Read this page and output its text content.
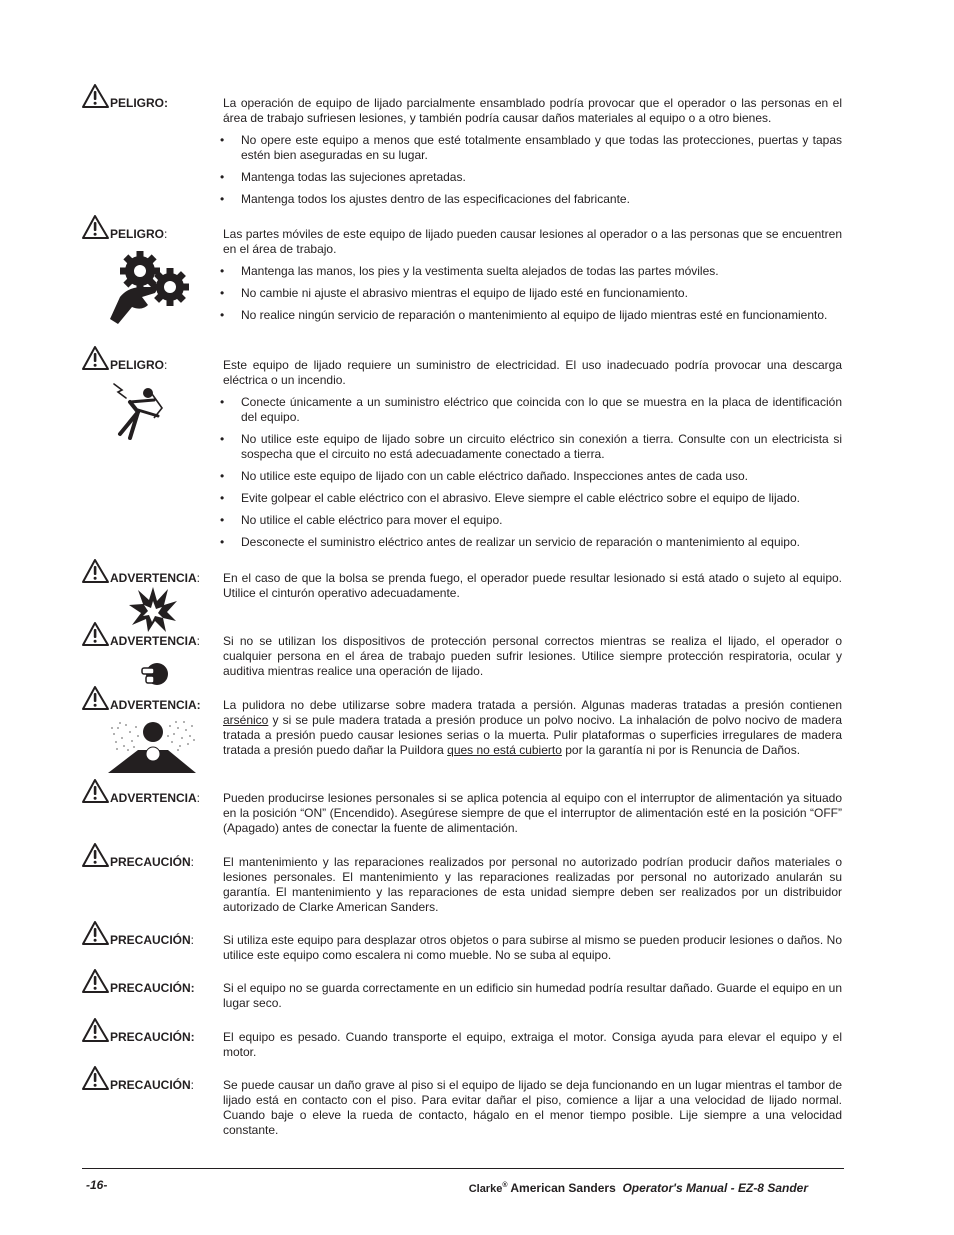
PELIGRO:	La operación de equipo de lijado parcialmente ensamblado podría provocar que el operador o las personas en el área de trabajo sufriesen lesiones, y también podría causar daños materiales al equipo o a otro bienes.

• No opere este equipo a menos que esté totalmente ensamblado y que todas las protecciones, puertas y tapas estén bien aseguradas en su lugar.
• Mantenga todas las sujeciones apretadas.
• Mantenga todos los ajustes dentro de las especificaciones del fabricante.
PELIGRO:	Las partes móviles de este equipo de lijado pueden causar lesiones al operador o a las personas que se encuentren en el área de trabajo.

• Mantenga las manos, los pies y la vestimenta suelta alejados de todas las partes móviles.
• No cambie ni ajuste el abrasivo mientras el equipo de lijado esté en funcionamiento.
• No realice ningún servicio de reparación o mantenimiento al equipo de lijado mientras esté en funcionamiento.
PELIGRO:	Este equipo de lijado requiere un suministro de electricidad. El uso inadecuado podría provocar una descarga eléctrica o un incendio.

• Conecte únicamente a un suministro eléctrico que coincida con lo que se muestra en la placa de identificación del equipo.
• No utilice este equipo de lijado sobre un circuito eléctrico sin conexión a tierra. Consulte con un electricista si sospecha que el circuito no está adecuadamente conectado a tierra.
• No utilice este equipo de lijado con un cable eléctrico dañado. Inspecciones antes de cada uso.
• Evite golpear el cable eléctrico con el abrasivo. Eleve siempre el cable eléctrico sobre el equipo de lijado.
• No utilice el cable eléctrico para mover el equipo.
• Desconecte el suministro eléctrico antes de realizar un servicio de reparación o mantenimiento al equipo.
ADVERTENCIA: En el caso de que la bolsa se prenda fuego, el operador puede resultar lesionado si está atado o sujeto al equipo. Utilice el cinturón operativo adecuadamente.

ADVERTENCIA: Si no se utilizan los dispositivos de protección personal correctos mientras se realiza el lijado, el operador o cualquier persona en el área de trabajo pueden sufrir lesiones. Utilice siempre protección respiratoria, ocular y auditiva mientras realice una operación de lijado.

ADVERTENCIA: La pulidora no debe utilizarse sobre madera tratada a persión. Algunas maderas tratadas a presión contienen arsénico y si se pule madera tratada a presión produce un polvo nocivo. La inhalación de polvo nocivo de madera tratada a presión puedo causar lesiones serias o la muerta. Pulir plataformas o superficies irregulares de madera tratada a presión puedo dañar la Puildora ques no está cubierto por la garantía ni por is Renuncia de Daños.

ADVERTENCIA: Pueden producirse lesiones personales si se aplica potencia al equipo con el interruptor de alimentación ya situado en la posición “ON” (Encendido). Asegúrese siempre de que el interruptor de alimentación esté en la posición “OFF” (Apagado) antes de conectar la fuente de alimentación.

PRECAUCIÓN: El mantenimiento y las reparaciones realizados por personal no autorizado podrían producir daños materiales o lesiones personales. El mantenimiento y las reparaciones realizadas por personal no autorizado anularán su garantía. El mantenimiento y las reparaciones de esta unidad siempre deben ser realizados por un distribuidor autorizado de Clarke American Sanders.

PRECAUCIÓN: Si utiliza este equipo para desplazar otros objetos o para subirse al mismo se pueden producir lesiones o daños. No utilice este equipo como escalera ni como mueble. No se suba al equipo.

PRECAUCIÓN: Si el equipo no se guarda correctamente en un edificio sin humedad podría resultar dañado. Guarde el equipo en un lugar seco.

PRECAUCIÓN: El equipo es pesado. Cuando transporte el equipo, extraiga el motor. Consiga ayuda para elevar el equipo y el motor.

PRECAUCIÓN: Se puede causar un daño grave al piso si el equipo de lijado se deja funcionando en un lugar mientras el tambor de lijado está en contacto con el piso. Para evitar dañar el piso, comience a lijar a una velocidad de lijado normal. Cuando baje o eleve la rueda de contacto, hágalo en el menor tiempo posible. Lije siempre a una velocidad constante.

-16-	Clarke® American Sanders  Operator's Manual - EZ-8 Sander
